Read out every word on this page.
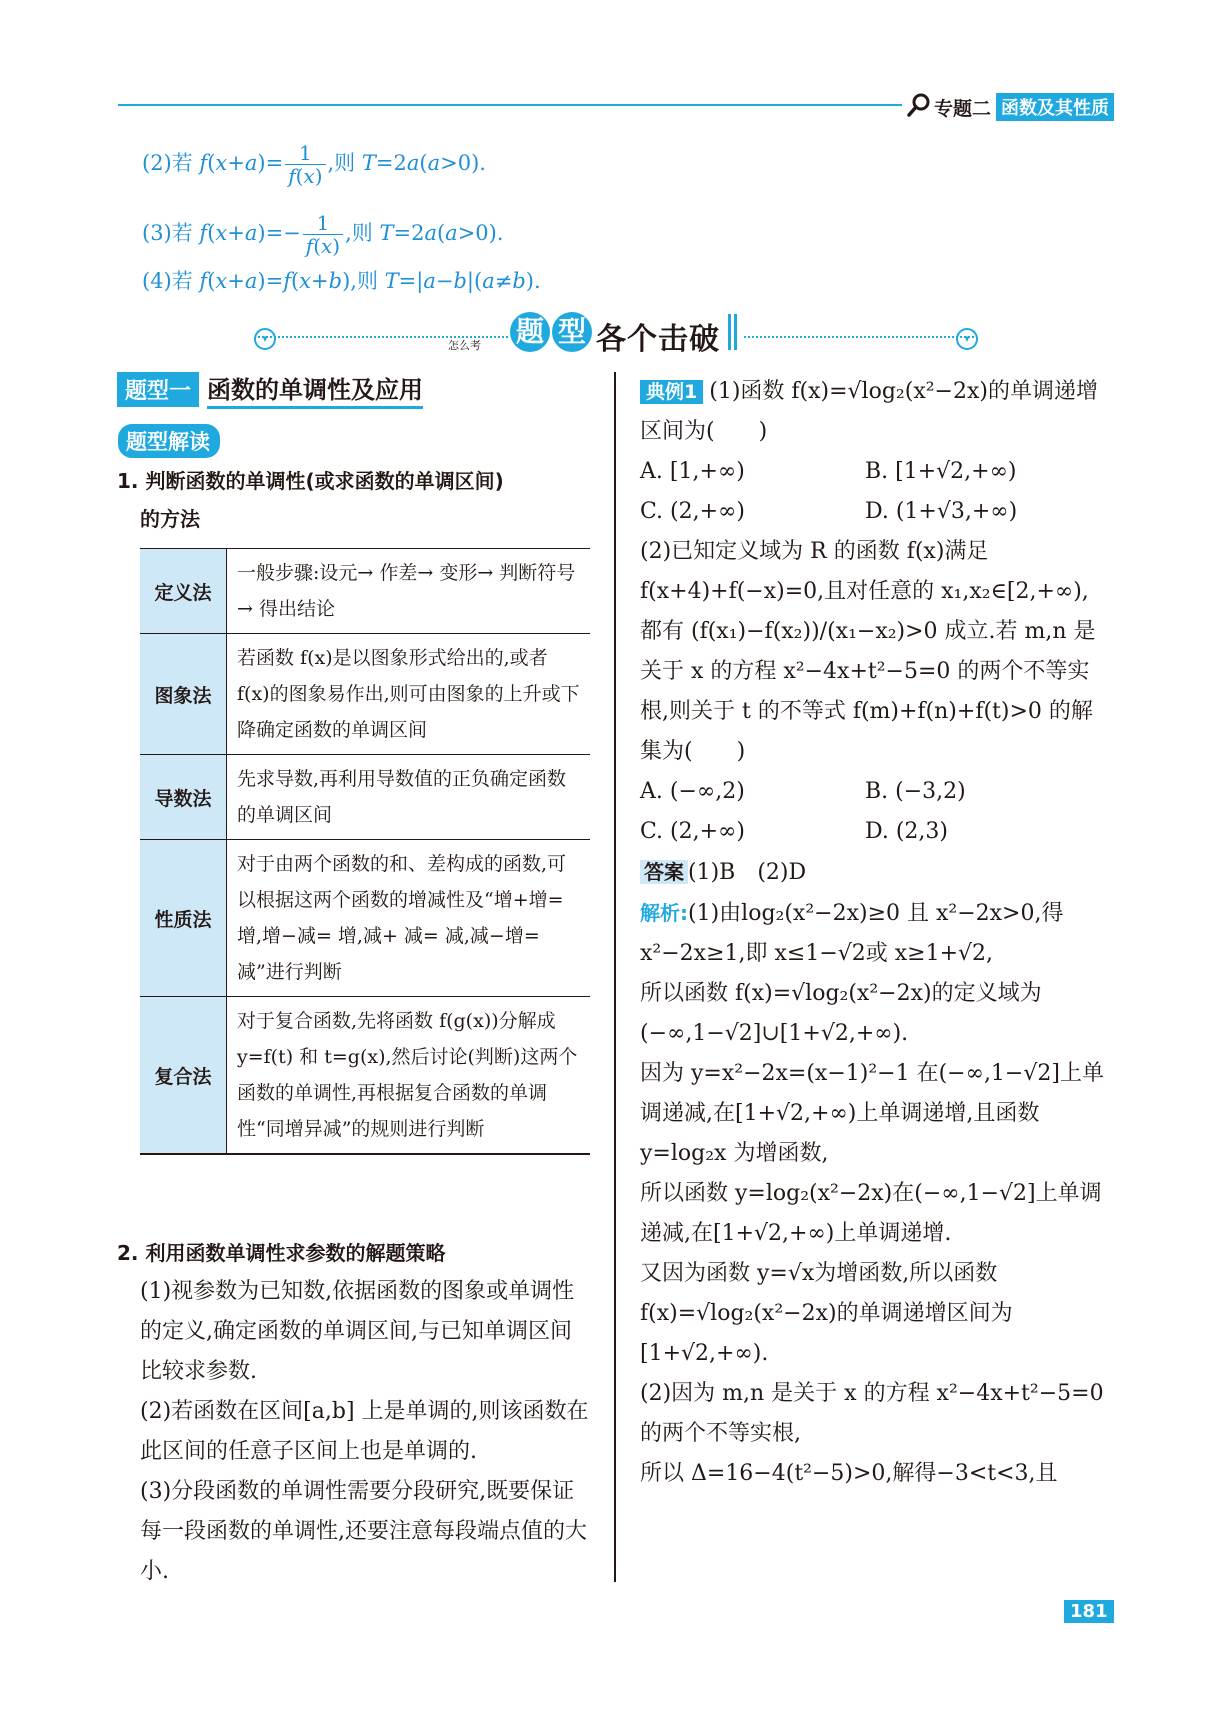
专题二 函数及其性质
(2)若 $f(x+a)= \frac{1}{f(x)}$ ,则 T=2a(a>0).
(3)若 $f(x+a)=- \frac{1}{f(x)}$ ,则 T=2a(a>0).
(4)若 f(x+a)=f(x+b),则 T=|a−b|(a≠b).
▾	▾
怎么考 题 型 各个击破
题型一 函数的单调性及应用
题型解读
1. 判断函数的单调性(或求函数的单调区间)
的方法
定义法	一般步骤:设元→ 作差→ 变形→ 判断符号→ 得出结论
图象法	若函数 f(x)是以图象形式给出的,或者 f(x)的图象易作出,则可由图象的上升或下降确定函数的单调区间
导数法	先求导数,再利用导数值的正负确定函数的单调区间
性质法	对于由两个函数的和、差构成的函数,可以根据这两个函数的增减性及“增+增= 增,增−减= 增,减+ 减= 减,减−增= 减”进行判断
复合法	对于复合函数,先将函数 f(g(x))分解成 y=f(t) 和 t=g(x),然后讨论(判断)这两个函数的单调性,再根据复合函数的单调性“同增异减”的规则进行判断
2. 利用函数单调性求参数的解题策略
(1)视参数为已知数,依据函数的图象或单调性的定义,确定函数的单调区间,与已知单调区间比较求参数.
(2)若函数在区间[a,b] 上是单调的,则该函数在此区间的任意子区间上也是单调的.
(3)分段函数的单调性需要分段研究,既要保证每一段函数的单调性,还要注意每段端点值的大小.
典例1 (1)函数 f(x)=√log₂(x²−2x)的单调递增区间为(　　)
A. [1,+∞)	B. [1+√2,+∞)
C. (2,+∞)	D. (1+√3,+∞)
(2)已知定义域为 R 的函数 f(x)满足 f(x+4)+f(−x)=0,且对任意的 x₁,x₂∈[2,+∞),都有 (f(x₁)−f(x₂))/(x₁−x₂)>0 成立.若 m,n 是关于 x 的方程 x²−4x+t²−5=0 的两个不等实根,则关于 t 的不等式 f(m)+f(n)+f(t)>0 的解集为(　　)
A. (−∞,2)	B. (−3,2)
C. (2,+∞)	D. (2,3)
答案 (1)B　(2)D
解析:(1)由log₂(x²−2x)≥0 且 x²−2x>0,得 x²−2x≥1,即 x≤1−√2或 x≥1+√2,
所以函数 f(x)=√log₂(x²−2x)的定义域为(−∞,1−√2]∪[1+√2,+∞).
因为 y=x²−2x=(x−1)²−1 在(−∞,1−√2]上单调递减,在[1+√2,+∞)上单调递增,且函数 y=log₂x 为增函数,
所以函数 y=log₂(x²−2x)在(−∞,1−√2]上单调递减,在[1+√2,+∞)上单调递增.
又因为函数 y=√x为增函数,所以函数f(x)=√log₂(x²−2x)的单调递增区间为[1+√2,+∞).
(2)因为 m,n 是关于 x 的方程 x²−4x+t²−5=0 的两个不等实根,
所以 Δ=16−4(t²−5)>0,解得−3<t<3,且
181
